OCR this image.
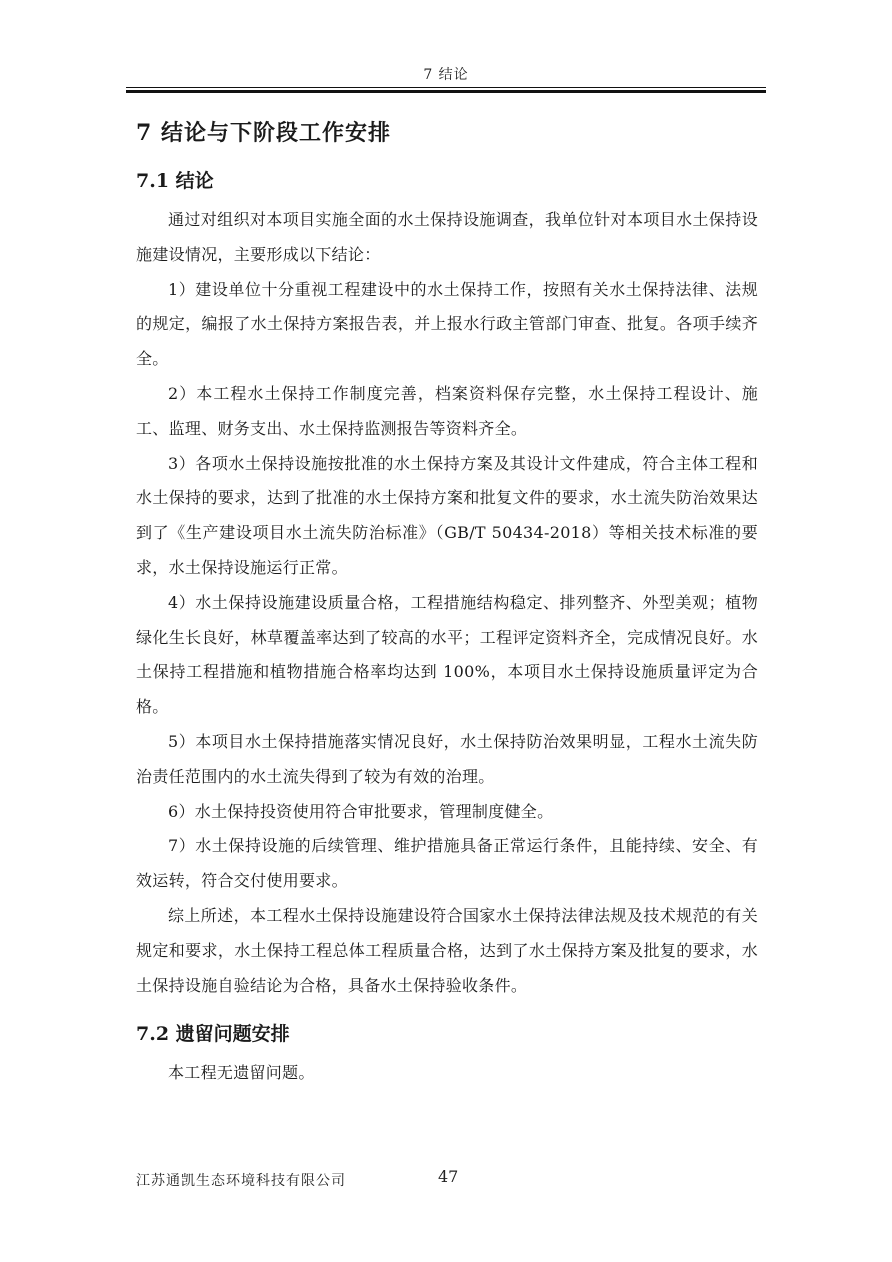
7 结论
7 结论与下阶段工作安排
7.1 结论

通过对组织对本项目实施全面的水土保持设施调查，我单位针对本项目水土保持设施建设情况，主要形成以下结论：

1）建设单位十分重视工程建设中的水土保持工作，按照有关水土保持法律、法规的规定，编报了水土保持方案报告表，并上报水行政主管部门审查、批复。各项手续齐全。

2）本工程水土保持工作制度完善，档案资料保存完整，水土保持工程设计、施工、监理、财务支出、水土保持监测报告等资料齐全。

3）各项水土保持设施按批准的水土保持方案及其设计文件建成，符合主体工程和水土保持的要求，达到了批准的水土保持方案和批复文件的要求，水土流失防治效果达到了《生产建设项目水土流失防治标准》（GB/T 50434-2018）等相关技术标准的要求，水土保持设施运行正常。

4）水土保持设施建设质量合格，工程措施结构稳定、排列整齐、外型美观；植物绿化生长良好，林草覆盖率达到了较高的水平；工程评定资料齐全，完成情况良好。水土保持工程措施和植物措施合格率均达到 100%，本项目水土保持设施质量评定为合格。

5）本项目水土保持措施落实情况良好，水土保持防治效果明显，工程水土流失防治责任范围内的水土流失得到了较为有效的治理。

6）水土保持投资使用符合审批要求，管理制度健全。

7）水土保持设施的后续管理、维护措施具备正常运行条件，且能持续、安全、有效运转，符合交付使用要求。

综上所述，本工程水土保持设施建设符合国家水土保持法律法规及技术规范的有关规定和要求，水土保持工程总体工程质量合格，达到了水土保持方案及批复的要求，水土保持设施自验结论为合格，具备水土保持验收条件。

7.2 遗留问题安排

本工程无遗留问题。

江苏通凯生态环境科技有限公司	47
